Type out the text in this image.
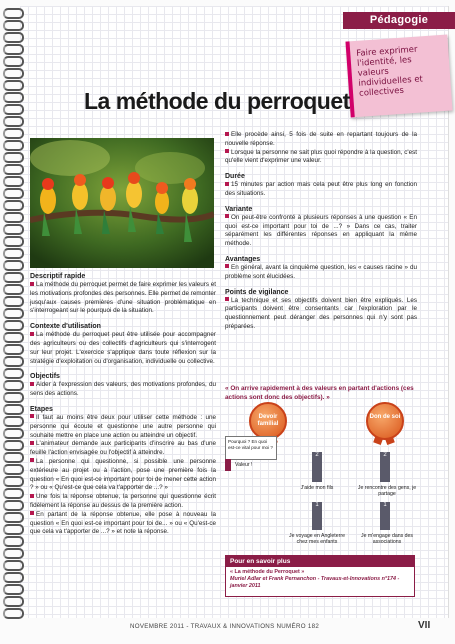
Pédagogie
Faire exprimer l'identité, les valeurs individuelles et collectives
La méthode du perroquet
Descriptif rapide

La méthode du perroquet permet de faire exprimer les valeurs et les motivations profondes des personnes. Elle permet de remonter jusqu'aux causes premières d'une situation problématique en s'interrogeant sur le pourquoi de la situation.

Contexte d'utilisation

La méthode du perroquet peut être utilisée pour accompagner des agriculteurs ou des collectifs d'agriculteurs qui s'interrogent sur leur projet. L'exercice s'applique dans toute réflexion sur la stratégie d'exploitation ou d'organisation, individuelle ou collective.

Objectifs

Aider à l'expression des valeurs, des motivations profondes, du sens des actions.

Etapes

Il faut au moins être deux pour utiliser cette méthode : une personne qui écoute et questionne une autre personne qui souhaite mettre en place une action ou atteindre un objectif.

L'animateur demande aux participants d'inscrire au bas d'une feuille l'action envisagée ou l'objectif à atteindre.

La personne qui questionne, si possible une personne extérieure au projet ou à l'action, pose une première fois la question « En quoi est-ce important pour toi de mener cette action ? » ou « Qu'est-ce que cela va t'apporter de ...? »

Une fois la réponse obtenue, la personne qui questionne écrit fidèlement la réponse au dessus de la première action.

En partant de la réponse obtenue, elle pose à nouveau la question « En quoi est-ce important pour toi de... » ou « Qu'est-ce que cela va t'apporter de ...? » et note la réponse.

Elle procède ainsi, 5 fois de suite en repartant toujours de la nouvelle réponse.

Lorsque la personne ne sait plus quoi répondre à la question, c'est qu'elle vient d'exprimer une valeur.

Durée

15 minutes par action mais cela peut être plus long en fonction des situations.

Variante

On peut-être confronté à plusieurs réponses à une question « En quoi est-ce important pour toi de ...? » Dans ce cas, traiter séparément les différentes réponses en appliquant la même méthode.

Avantages

En général, avant la cinquième question, les « causes racine » du problème sont élucidées.

Points de vigilance

La technique et ses objectifs doivent bien être expliqués. Les participants doivent être consentants car l'exploration par le questionnement peut déranger des personnes qui n'y sont pas préparées.

« On arrive rapidement à des valeurs en partant d'actions (ces actions sont donc des objectifs). »
Devoir familial
Don de soi
Pourquoi ? En quoi est-ce vital pour moi ?
Valeur !
2	2
J'aide mon fils	Je rencontre des gens, je partage
1	1
Je voyage en Angleterre chez mes enfants
Je m'engage dans des associations
Pour en savoir plus
« La méthode du Perroquet »
Muriel Adlar et Frank Pernanchon - Travaux-et-Innovations n°174 - janvier 2011
NOVEMBRE 2011 - TRAVAUX & INNOVATIONS NUMÉRO 182	VII
